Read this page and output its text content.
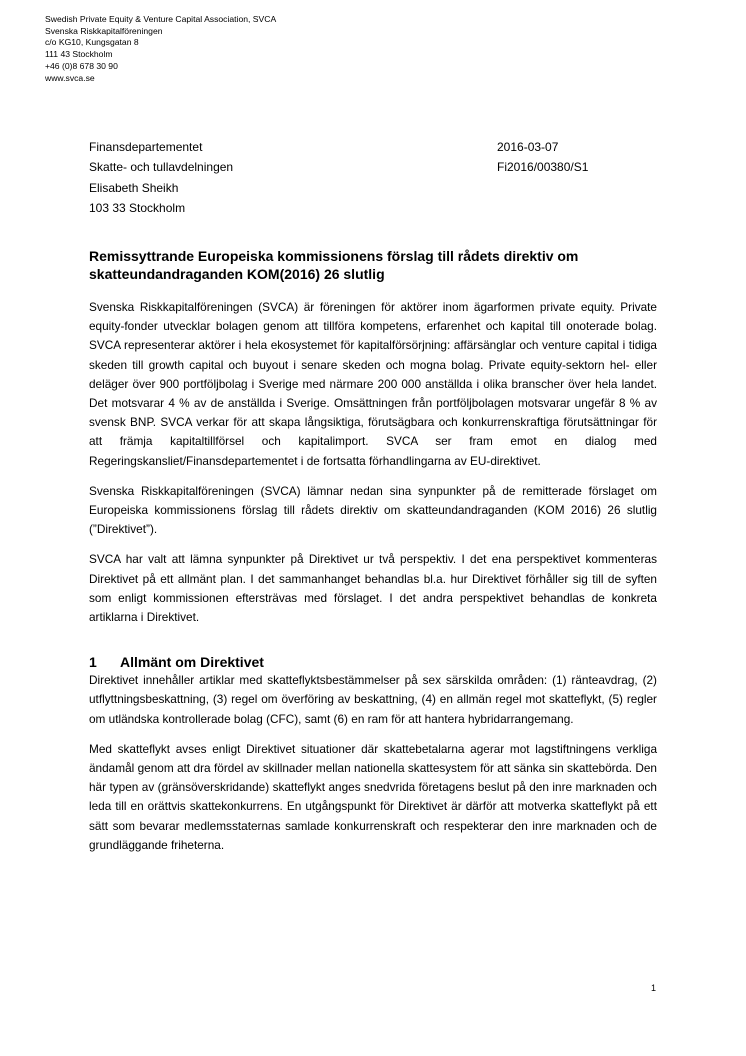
Swedish Private Equity & Venture Capital Association, SVCA
Svenska Riskkapitalföreningen
c/o KG10, Kungsgatan 8
111 43 Stockholm
+46 (0)8 678 30 90
www.svca.se
Finansdepartementet
Skatte- och tullavdelningen
Elisabeth Sheikh
103 33 Stockholm
2016-03-07
Fi2016/00380/S1
Remissyttrande Europeiska kommissionens förslag till rådets direktiv om skatteundandraganden KOM(2016) 26 slutlig

Svenska Riskkapitalföreningen (SVCA) är föreningen för aktörer inom ägarformen private equity. Private equity-fonder utvecklar bolagen genom att tillföra kompetens, erfarenhet och kapital till onoterade bolag. SVCA representerar aktörer i hela ekosystemet för kapitalförsörjning: affärsänglar och venture capital i tidiga skeden till growth capital och buyout i senare skeden och mogna bolag. Private equity-sektorn hel- eller deläger över 900 portföljbolag i Sverige med närmare 200 000 anställda i olika branscher över hela landet. Det motsvarar 4 % av de anställda i Sverige. Omsättningen från portföljbolagen motsvarar ungefär 8 % av svensk BNP. SVCA verkar för att skapa långsiktiga, förutsägbara och konkurrenskraftiga förutsättningar för att främja kapitaltillförsel och kapitalimport. SVCA ser fram emot en dialog med Regeringskansliet/Finansdepartementet i de fortsatta förhandlingarna av EU-direktivet.

Svenska Riskkapitalföreningen (SVCA) lämnar nedan sina synpunkter på de remitterade förslaget om Europeiska kommissionens förslag till rådets direktiv om skatteundandraganden (KOM 2016) 26 slutlig (”Direktivet”).

SVCA har valt att lämna synpunkter på Direktivet ur två perspektiv. I det ena perspektivet kommenteras Direktivet på ett allmänt plan. I det sammanhanget behandlas bl.a. hur Direktivet förhåller sig till de syften som enligt kommissionen eftersträvas med förslaget. I det andra perspektivet behandlas de konkreta artiklarna i Direktivet.

1	Allmänt om Direktivet

Direktivet innehåller artiklar med skatteflyktsbestämmelser på sex särskilda områden: (1) ränteavdrag, (2) utflyttningsbeskattning, (3) regel om överföring av beskattning, (4) en allmän regel mot skatteflykt, (5) regler om utländska kontrollerade bolag (CFC), samt (6) en ram för att hantera hybridarrangemang.

Med skatteflykt avses enligt Direktivet situationer där skattebetalarna agerar mot lagstiftningens verkliga ändamål genom att dra fördel av skillnader mellan nationella skattesystem för att sänka sin skattebörda. Den här typen av (gränsöverskridande) skatteflykt anges snedvrida företagens beslut på den inre marknaden och leda till en orättvis skattekonkurrens. En utgångspunkt för Direktivet är därför att motverka skatteflykt på ett sätt som bevarar medlemsstaternas samlade konkurrenskraft och respekterar den inre marknaden och de grundläggande friheterna.

1
